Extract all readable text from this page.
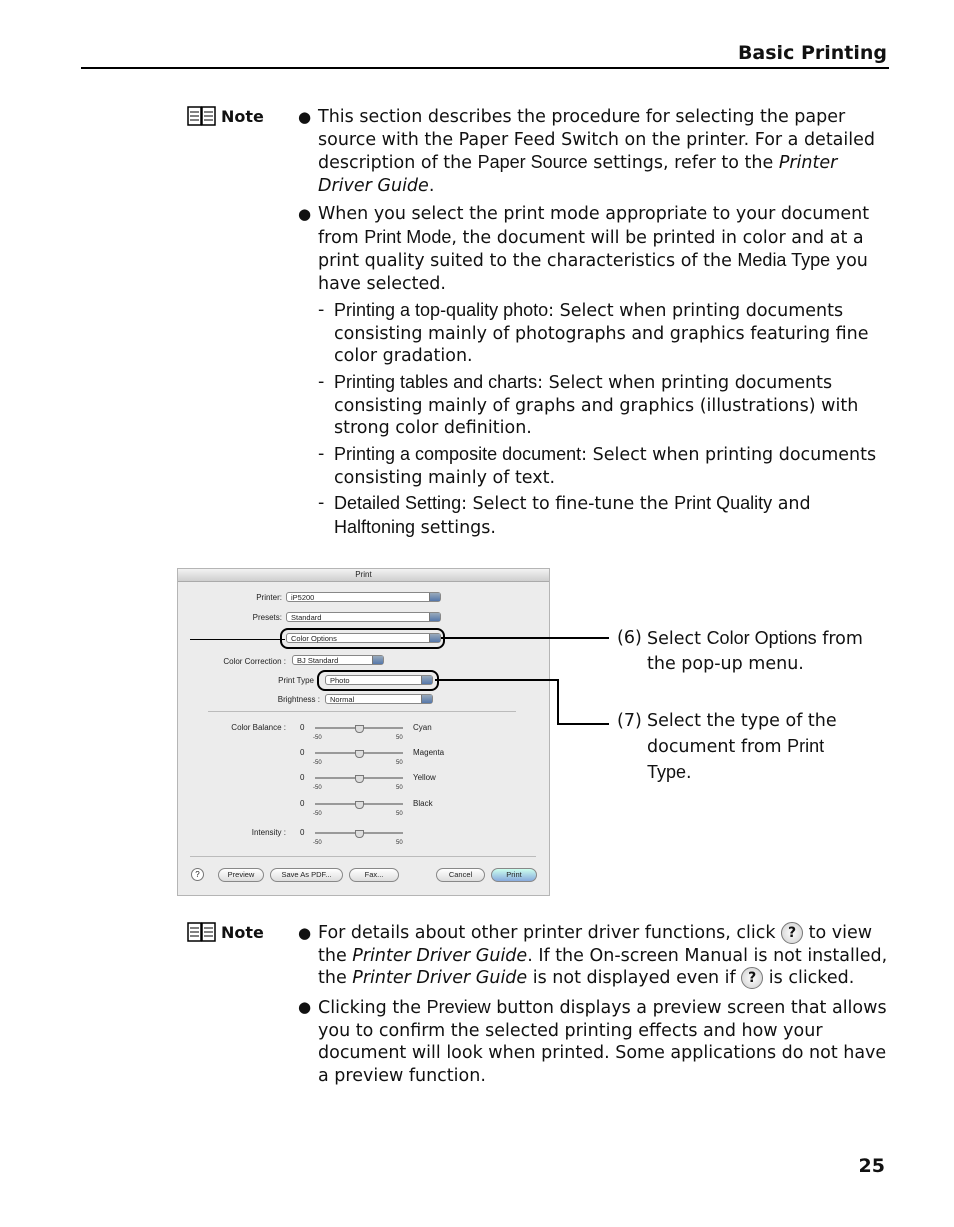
Basic Printing
Note ● This section describes the procedure for selecting the paper source with the Paper Feed Switch on the printer. For a detailed description of the Paper Source settings, refer to the Printer Driver Guide.
● When you select the print mode appropriate to your document from Print Mode, the document will be printed in color and at a print quality suited to the characteristics of the Media Type you have selected.
- Printing a top-quality photo: Select when printing documents consisting mainly of photographs and graphics featuring fine color gradation.
- Printing tables and charts: Select when printing documents consisting mainly of graphs and graphics (illustrations) with strong color definition.
- Printing a composite document: Select when printing documents consisting mainly of text.
- Detailed Setting: Select to fine-tune the Print Quality and Halftoning settings.
Print
Printer:	iP5200
Presets:	Standard
Color Options
Color Correction :	BJ Standard
Print Type	Photo
Brightness :	Normal
Color Balance : 0
-50	50
Cyan
0
-50	50
Magenta
0
-50	50
Yellow
0
-50	50
Black
Intensity : 0
-50	50
?	Preview	Save As PDF...	Fax...	Cancel	Print
(6) Select Color Options from the pop-up menu.
(7) Select the type of the document from Print Type.
Note ● For details about other printer driver functions, click ? to view the Printer Driver Guide. If the On-screen Manual is not installed, the Printer Driver Guide is not displayed even if ? is clicked.
● Clicking the Preview button displays a preview screen that allows you to confirm the selected printing effects and how your document will look when printed. Some applications do not have a preview function.
25
